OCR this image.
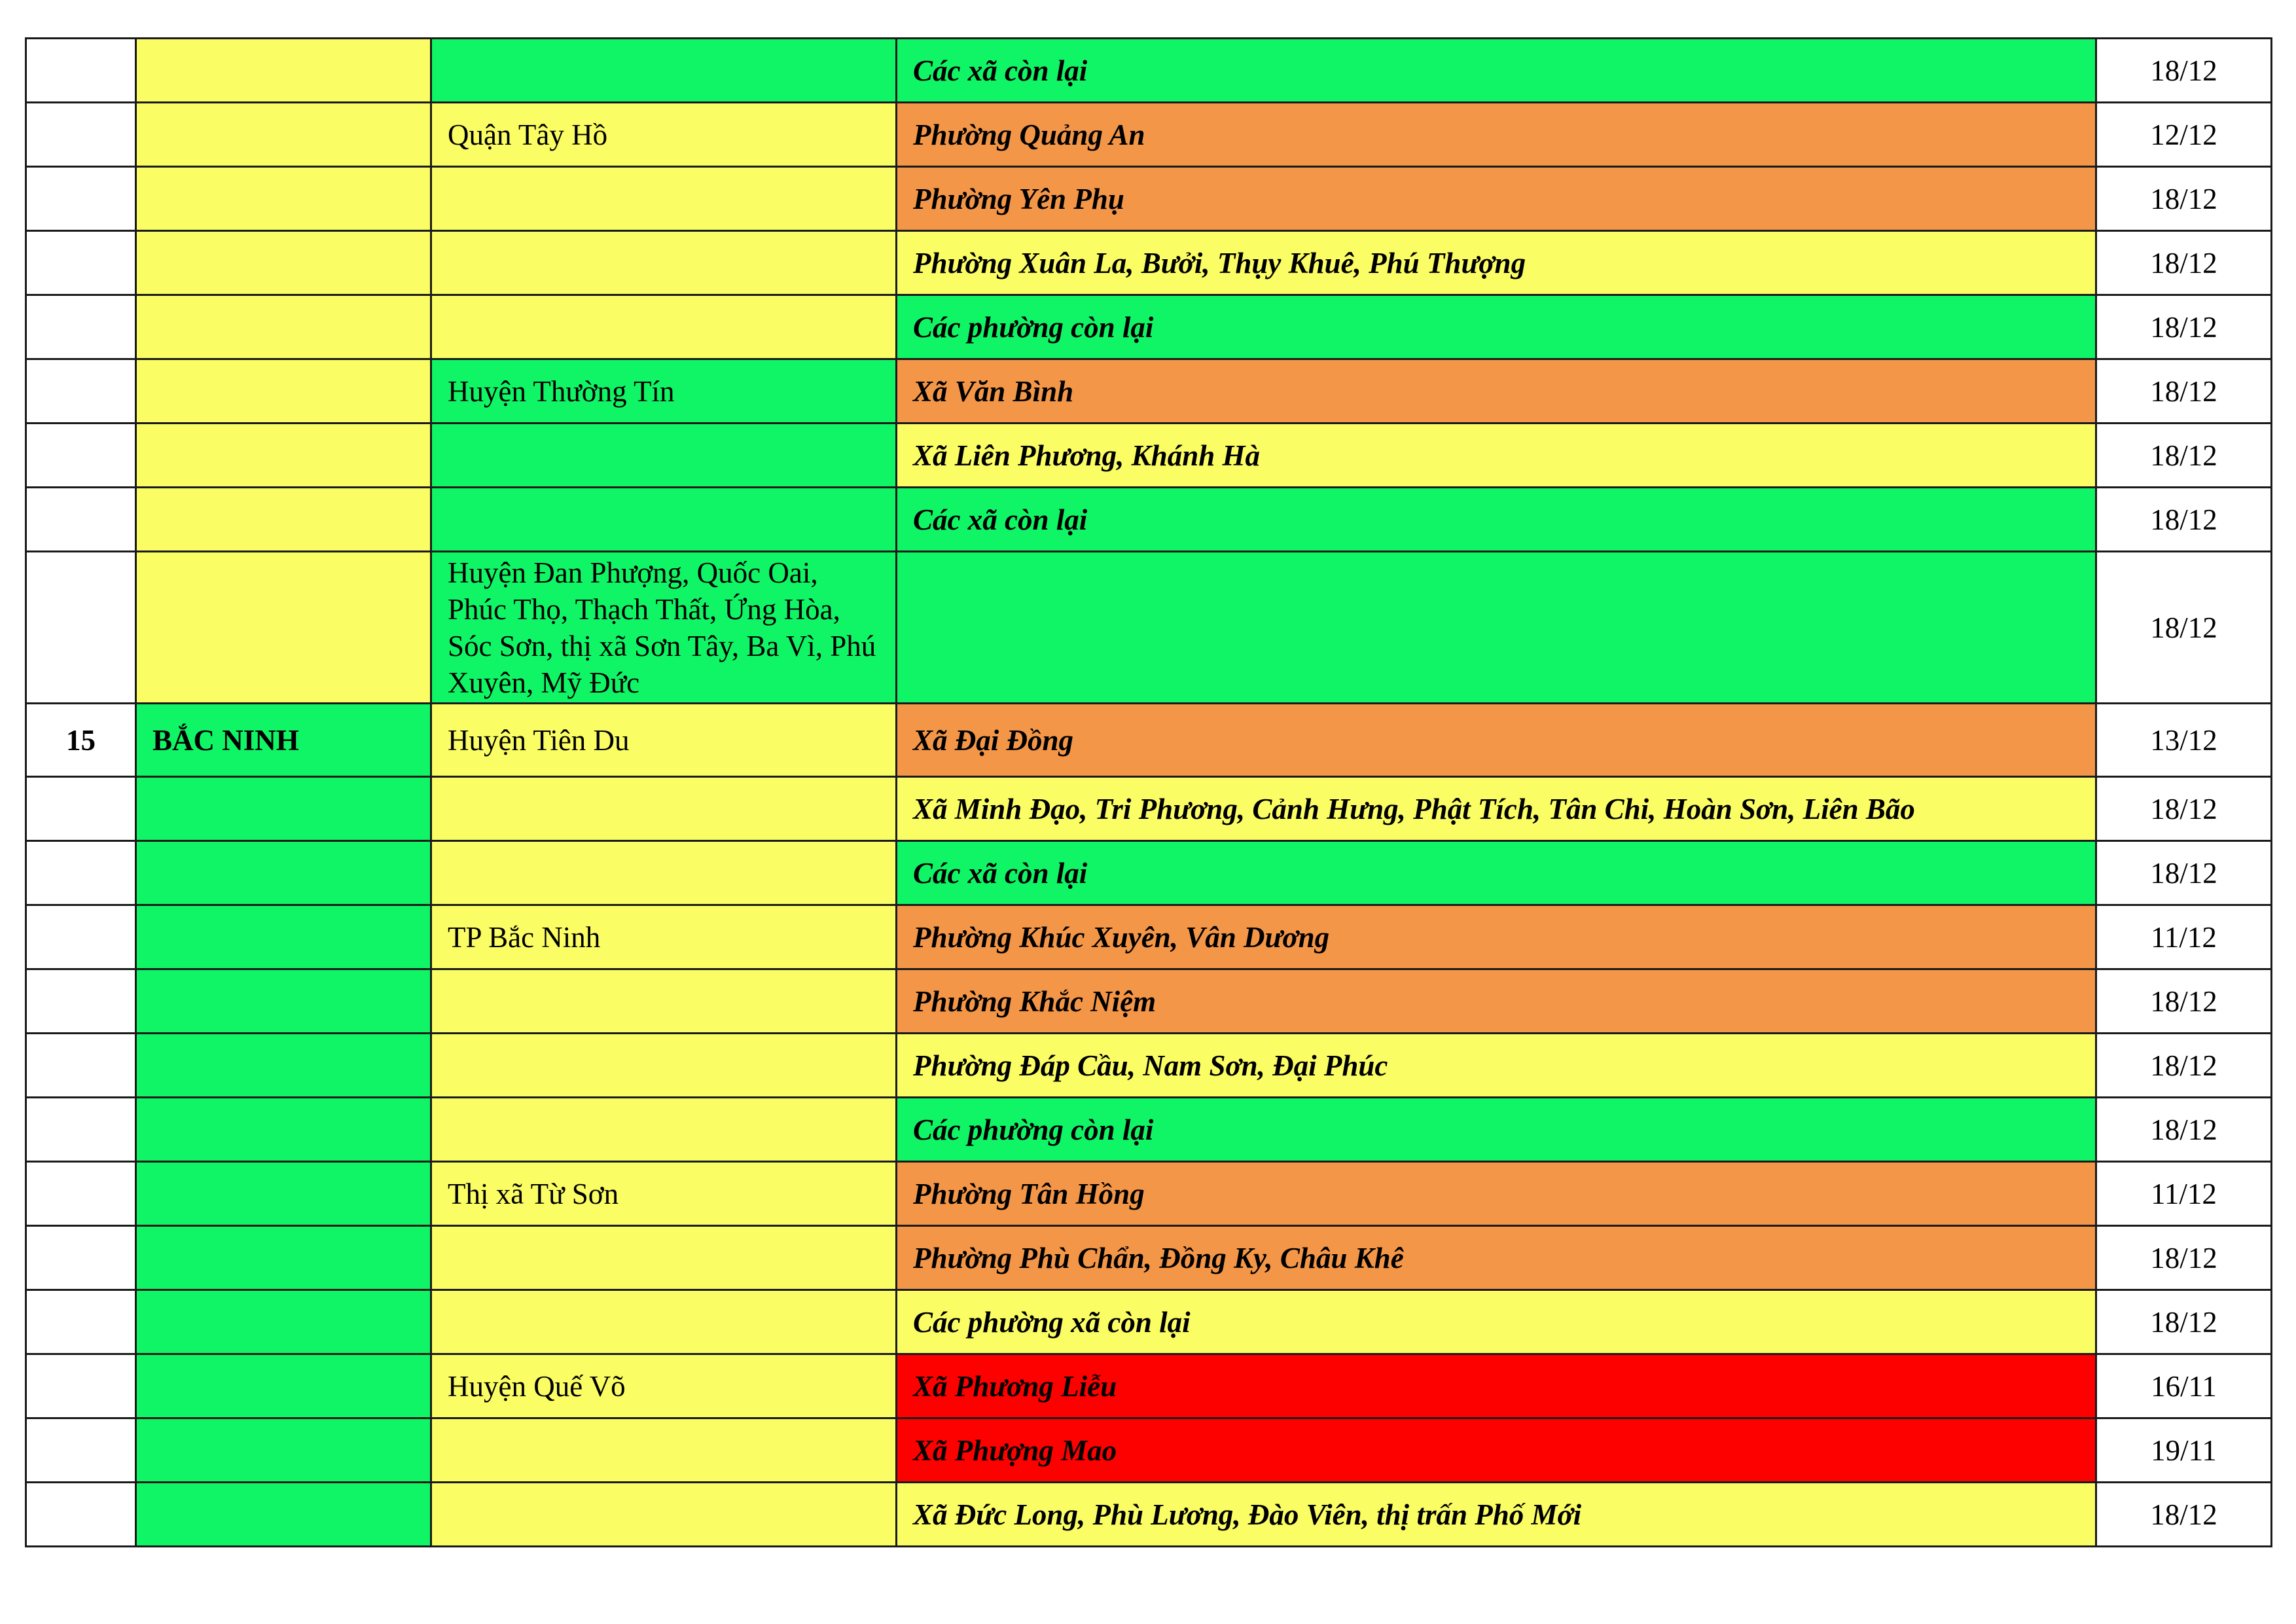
			Các xã còn lại	18/12
		Quận Tây Hồ	Phường Quảng An	12/12
			Phường Yên Phụ	18/12
			Phường Xuân La, Bưởi, Thụy Khuê, Phú Thượng	18/12
			Các phường còn lại	18/12
		Huyện Thường Tín	Xã Văn Bình	18/12
			Xã Liên Phương, Khánh Hà	18/12
			Các xã còn lại	18/12
		Huyện Đan Phượng, Quốc Oai, Phúc Thọ, Thạch Thất, Ứng Hòa, Sóc Sơn, thị xã Sơn Tây, Ba Vì, Phú Xuyên, Mỹ Đức		18/12
15	BẮC NINH	Huyện Tiên Du	Xã Đại Đồng	13/12
			Xã Minh Đạo, Tri Phương, Cảnh Hưng, Phật Tích, Tân Chi, Hoàn Sơn, Liên Bão	18/12
			Các xã còn lại	18/12
		TP Bắc Ninh	Phường Khúc Xuyên, Vân Dương	11/12
			Phường Khắc Niệm	18/12
			Phường Đáp Cầu, Nam Sơn, Đại Phúc	18/12
			Các phường còn lại	18/12
		Thị xã Từ Sơn	Phường Tân Hồng	11/12
			Phường Phù Chẩn, Đồng Ky, Châu Khê	18/12
			Các phường xã còn lại	18/12
		Huyện Quế Võ	Xã Phương Liễu	16/11
			Xã Phượng Mao	19/11
			Xã Đức Long, Phù Lương, Đào Viên, thị trấn Phố Mới	18/12
